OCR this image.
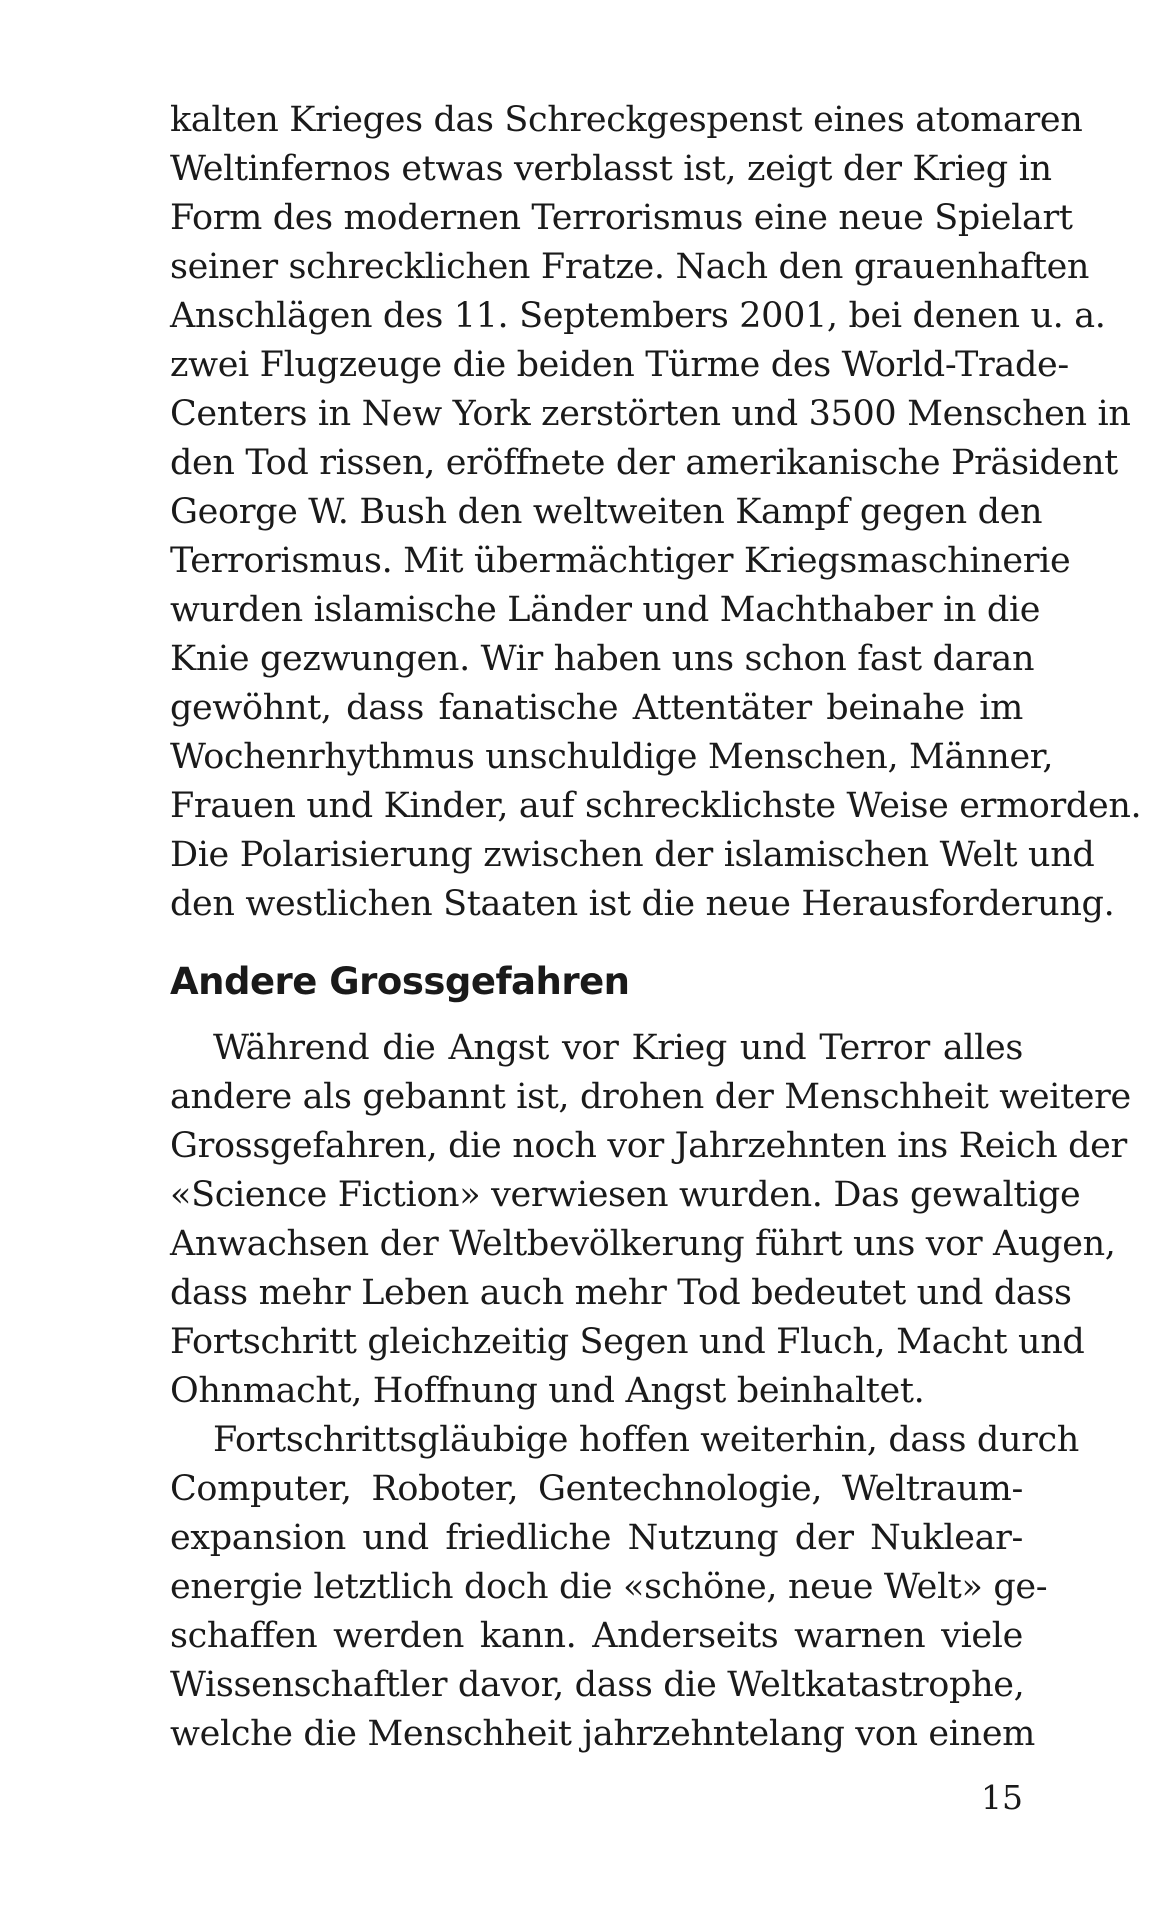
kalten Krieges das Schreckgespenst eines atomaren
Weltinfernos etwas verblasst ist, zeigt der Krieg in
Form des modernen Terrorismus eine neue Spielart
seiner schrecklichen Fratze. Nach den grauenhaften
Anschlägen des 11. Septembers 2001, bei denen u. a.
zwei Flugzeuge die beiden Türme des World-Trade-
Centers in New York zerstörten und 3500 Menschen in
den Tod rissen, eröffnete der amerikanische Präsident
George W. Bush den weltweiten Kampf gegen den
Terrorismus. Mit übermächtiger Kriegsmaschinerie
wurden islamische Länder und Machthaber in die
Knie gezwungen. Wir haben uns schon fast daran
gewöhnt, dass fanatische Attentäter beinahe im
Wochenrhythmus unschuldige Menschen, Männer,
Frauen und Kinder, auf schrecklichste Weise ermorden.
Die Polarisierung zwischen der islamischen Welt und
den westlichen Staaten ist die neue Herausforderung.
Andere Grossgefahren
Während die Angst vor Krieg und Terror alles
andere als gebannt ist, drohen der Menschheit weitere
Grossgefahren, die noch vor Jahrzehnten ins Reich der
«Science Fiction» verwiesen wurden. Das gewaltige
Anwachsen der Weltbevölkerung führt uns vor Augen,
dass mehr Leben auch mehr Tod bedeutet und dass
Fortschritt gleichzeitig Segen und Fluch, Macht und
Ohnmacht, Hoffnung und Angst beinhaltet.
Fortschrittsgläubige hoffen weiterhin, dass durch
Computer, Roboter, Gentechnologie, Weltraum-
expansion und friedliche Nutzung der Nuklear-
energie letztlich doch die «schöne, neue Welt» ge-
schaffen werden kann. Anderseits warnen viele
Wissenschaftler davor, dass die Weltkatastrophe,
welche die Menschheit jahrzehntelang von einem
15
